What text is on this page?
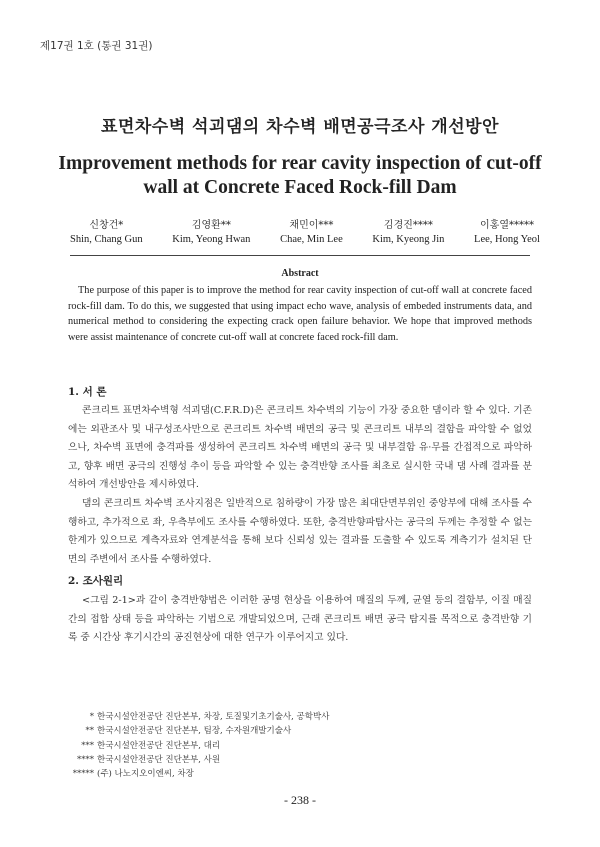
제17권 1호 (통권 31권)
표면차수벽 석괴댐의 차수벽 배면공극조사 개선방안
Improvement methods for rear cavity inspection of cut-off
wall at Concrete Faced Rock-fill Dam
신창건*
Shin, Chang Gun
김영환**
Kim, Yeong Hwan
채민이***
Chae, Min Lee
김경진****
Kim, Kyeong Jin
이홍열*****
Lee, Hong Yeol
Abstract
The purpose of this paper is to improve the method for rear cavity inspection of cut-off wall at concrete faced rock-fill dam. To do this, we suggested that using impact echo wave, analysis of embeded instruments data, and numerical method to considering the expecting crack open failure behavior. We hope that improved methods were assist maintenance of concrete cut-off wall at concrete faced rock-fill dam.
1. 서 론

콘크리트 표면차수벽형 석괴댐(C.F.R.D)은 콘크리트 차수벽의 기능이 가장 중요한 댐이라 할 수 있다. 기존에는 외관조사 및 내구성조사만으로 콘크리트 차수벽 배면의 공극 및 콘크리트 내부의 결함을 파악할 수 없었으나, 차수벽 표면에 충격파를 생성하여 콘크리트 차수벽 배면의 공극 및 내부결함 유·무를 간접적으로 파악하고, 향후 배면 공극의 진행성 추이 등을 파악할 수 있는 충격반향 조사를 최초로 실시한 국내 댐 사례 결과를 분석하여 개선방안을 제시하였다.

댐의 콘크리트 차수벽 조사지점은 일반적으로 침하량이 가장 많은 최대단면부위인 중앙부에 대해 조사를 수행하고, 추가적으로 좌, 우측부에도 조사를 수행하였다. 또한, 충격반향파탐사는 공극의 두께는 추정할 수 없는 한계가 있으므로 계측자료와 연계분석을 통해 보다 신뢰성 있는 결과를 도출할 수 있도록 계측기가 설치된 단면의 주변에서 조사를 수행하였다.

2. 조사원리

<그림 2-1>과 같이 충격반향법은 이러한 공명 현상을 이용하여 매질의 두께, 균열 등의 결함부, 이질 매질간의 접합 상태 등을 파악하는 기법으로 개발되었으며, 근래 콘크리트 배면 공극 탐지를 목적으로 충격반향 기록 중 시간상 후기시간의 공진현상에 대한 연구가 이루어지고 있다.

* 한국시설안전공단 진단본부, 차장, 토질및기초기술사, 공학박사
** 한국시설안전공단 진단본부, 팀장, 수자원개발기술사
*** 한국시설안전공단 진단본부, 대리
**** 한국시설안전공단 진단본부, 사원
***** (주) 나노지오이엔씨, 차장
- 238 -
